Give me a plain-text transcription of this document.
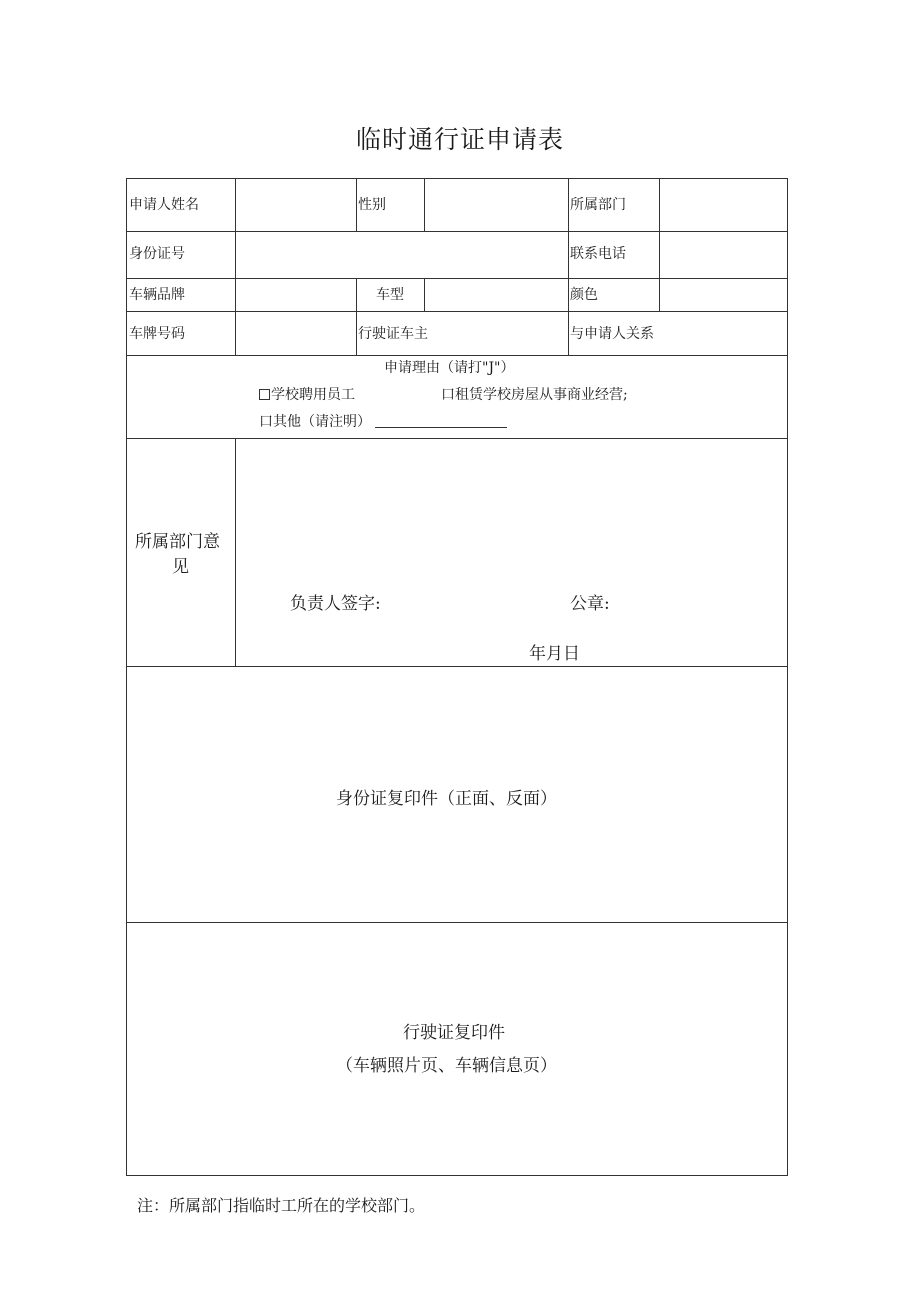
临时通行证申请表
申请人姓名	性别	所属部门
身份证号	联系电话
车辆品牌	车型	颜色
车牌号码	行驶证车主	与申请人关系
申请理由（请打"J"）
学校聘用员工	口租赁学校房屋从事商业经营;
口其他（请注明）
所属部门意
见
负责人签字:	公章:
年月日
身份证复印件（正面、反面）
行驶证复印件
（车辆照片页、车辆信息页）
注：所属部门指临时工所在的学校部门。
